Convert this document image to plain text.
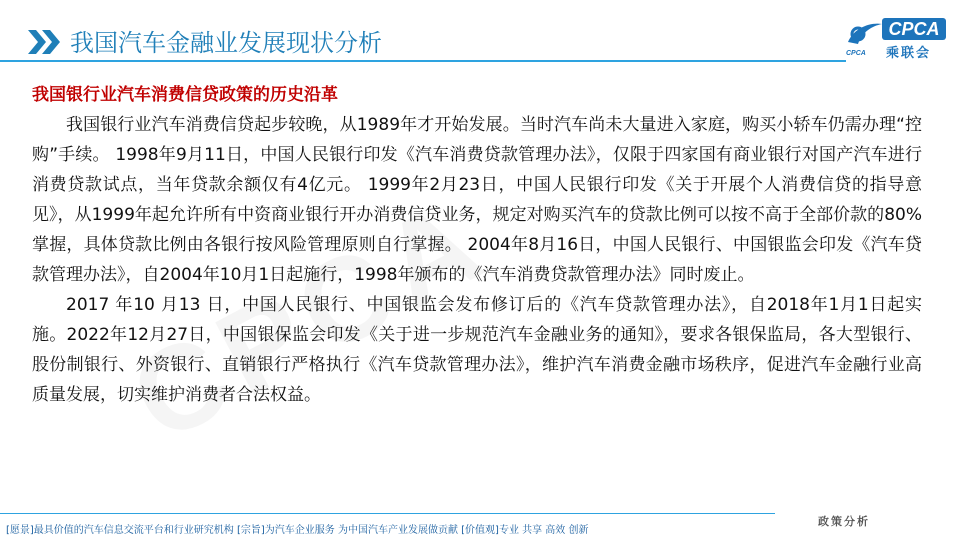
我国汽车金融业发展现状分析	CPCA
乘联会
CPCA
我国银行业汽车消费信贷政策的历史沿革

我国银行业汽车消费信贷起步较晚，从1989年才开始发展。当时汽车尚未大量进入家庭，购买小轿车仍需办理“控购”手续。 1998年9月11日，中国人民银行印发《汽车消费贷款管理办法》，仅限于四家国有商业银行对国产汽车进行消费贷款试点，当年贷款余额仅有4亿元。 1999年2月23日，中国人民银行印发《关于开展个人消费信贷的指导意见》，从1999年起允许所有中资商业银行开办消费信贷业务，规定对购买汽车的贷款比例可以按不高于全部价款的80%掌握，具体贷款比例由各银行按风险管理原则自行掌握。 2004年8月16日，中国人民银行、中国银监会印发《汽车贷款管理办法》，自2004年10月1日起施行，1998年颁布的《汽车消费贷款管理办法》同时废止。

2017 年10 月13 日，中国人民银行、中国银监会发布修订后的《汽车贷款管理办法》，自2018年1月1日起实施。2022年12月27日，中国银保监会印发《关于进一步规范汽车金融业务的通知》，要求各银保监局，各大型银行、股份制银行、外资银行、直销银行严格执行《汽车贷款管理办法》，维护汽车消费金融市场秩序，促进汽车金融行业高质量发展，切实维护消费者合法权益。

[愿景]最具价值的汽车信息交流平台和行业研究机构 [宗旨]为汽车企业服务 为中国汽车产业发展做贡献 [价值观]专业 共享 高效 创新
政策分析
